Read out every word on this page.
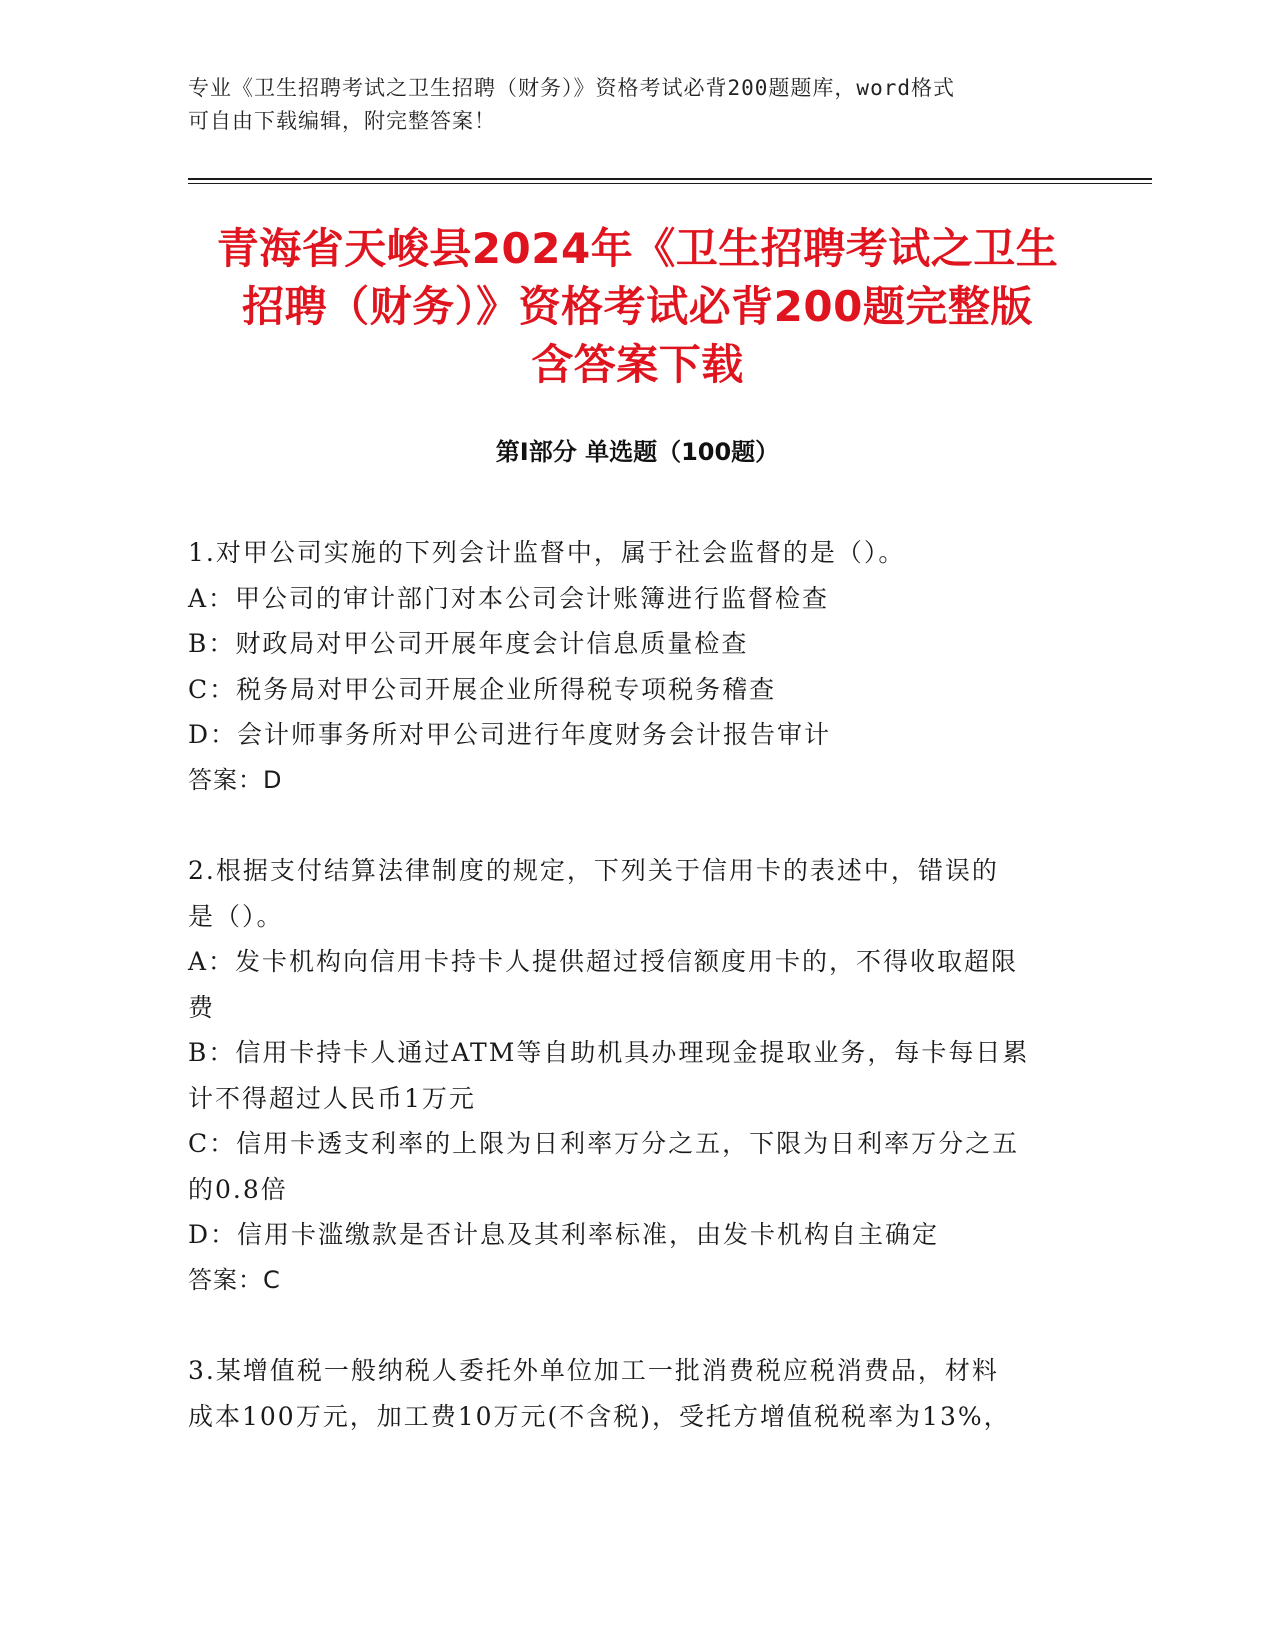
专业《卫生招聘考试之卫生招聘（财务）》资格考试必背200题题库，word格式
可自由下载编辑，附完整答案！
青海省天峻县2024年《卫生招聘考试之卫生
招聘（财务）》资格考试必背200题完整版
含答案下载
第Ⅰ部分 单选题（100题）
1.对甲公司实施的下列会计监督中，属于社会监督的是（）。
A：甲公司的审计部门对本公司会计账簿进行监督检查
B：财政局对甲公司开展年度会计信息质量检查
C：税务局对甲公司开展企业所得税专项税务稽查
D：会计师事务所对甲公司进行年度财务会计报告审计
答案：D
2.根据支付结算法律制度的规定，下列关于信用卡的表述中，错误的
是（）。
A：发卡机构向信用卡持卡人提供超过授信额度用卡的，不得收取超限
费
B：信用卡持卡人通过ATM等自助机具办理现金提取业务，每卡每日累
计不得超过人民币1万元
C：信用卡透支利率的上限为日利率万分之五，下限为日利率万分之五
的0.8倍
D：信用卡滥缴款是否计息及其利率标准，由发卡机构自主确定
答案：C
3.某增值税一般纳税人委托外单位加工一批消费税应税消费品，材料
成本100万元，加工费10万元(不含税)，受托方增值税税率为13%，
